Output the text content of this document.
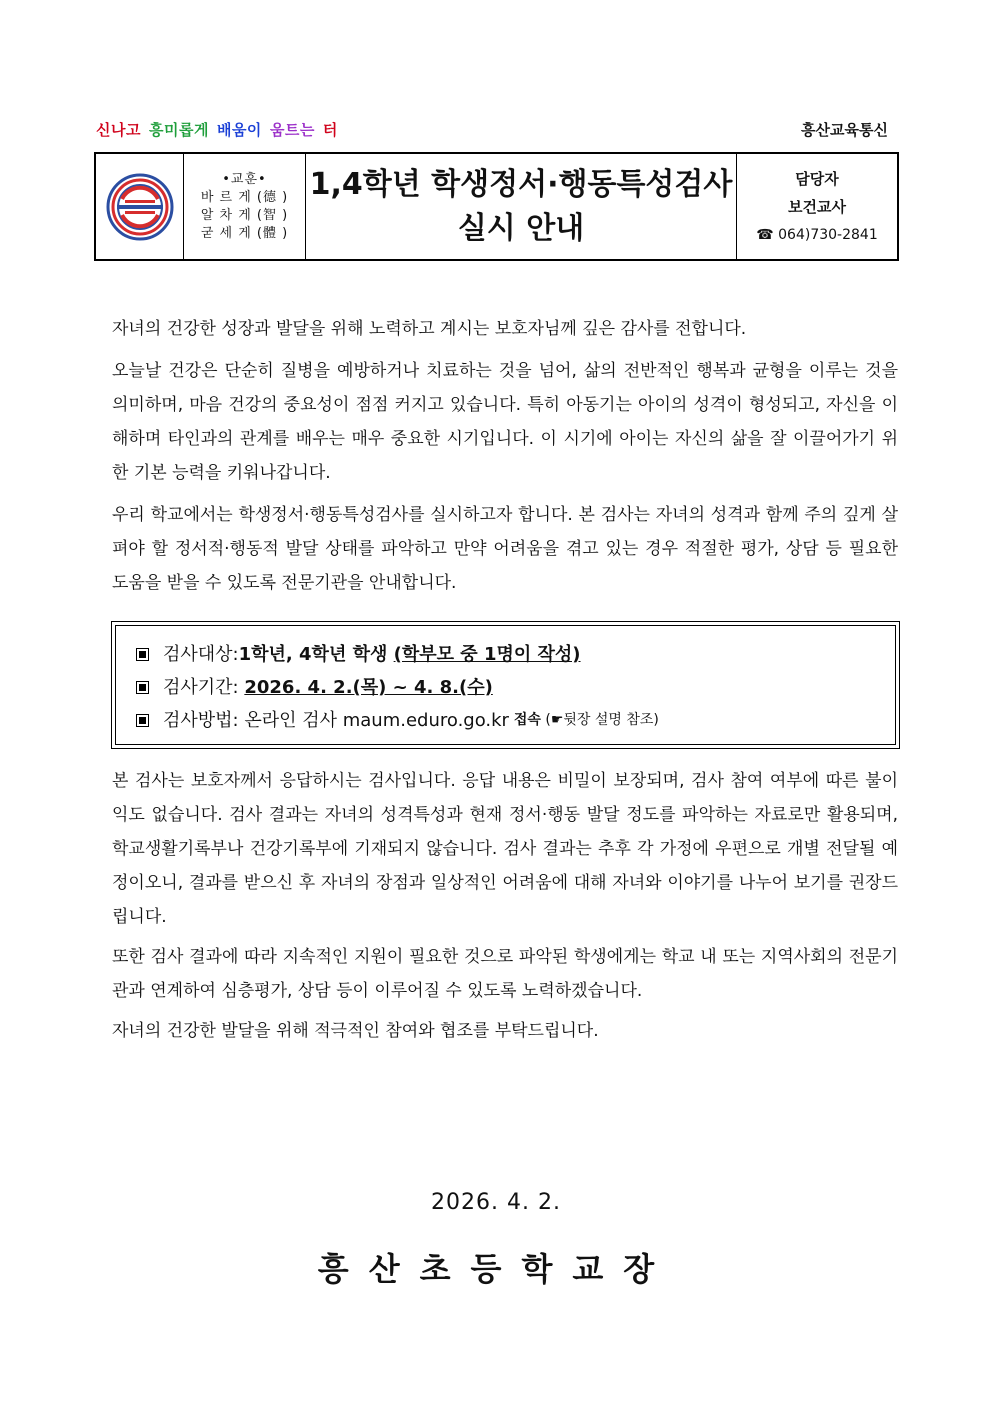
신나고 흥미롭게 배움이 움트는 터	흥산교육통신
•교훈•
바 르 게 (德 )
알 차 게 (智 )
굳 세 게 (體 )
1,4학년 학생정서·행동특성검사
실시 안내
담당자
보건교사
☎ 064)730-2841

자녀의 건강한 성장과 발달을 위해 노력하고 계시는 보호자님께 깊은 감사를 전합니다.

오늘날 건강은 단순히 질병을 예방하거나 치료하는 것을 넘어, 삶의 전반적인 행복과 균형을 이루는 것을 의미하며, 마음 건강의 중요성이 점점 커지고 있습니다. 특히 아동기는 아이의 성격이 형성되고, 자신을 이해하며 타인과의 관계를 배우는 매우 중요한 시기입니다. 이 시기에 아이는 자신의 삶을 잘 이끌어가기 위한 기본 능력을 키워나갑니다.

우리 학교에서는 학생정서·행동특성검사를 실시하고자 합니다. 본 검사는 자녀의 성격과 함께 주의 깊게 살펴야 할 정서적·행동적 발달 상태를 파악하고 만약 어려움을 겪고 있는 경우 적절한 평가, 상담 등 필요한 도움을 받을 수 있도록 전문기관을 안내합니다.

검사대상: 1학년, 4학년 학생 (학부모 중 1명이 작성)
검사기간: 2026. 4. 2.(목) ~ 4. 8.(수)
검사방법: 온라인 검사 maum.eduro.go.kr 접속 (☛뒷장 설명 참조)

본 검사는 보호자께서 응답하시는 검사입니다. 응답 내용은 비밀이 보장되며, 검사 참여 여부에 따른 불이익도 없습니다. 검사 결과는 자녀의 성격특성과 현재 정서·행동 발달 정도를 파악하는 자료로만 활용되며, 학교생활기록부나 건강기록부에 기재되지 않습니다. 검사 결과는 추후 각 가정에 우편으로 개별 전달될 예정이오니, 결과를 받으신 후 자녀의 장점과 일상적인 어려움에 대해 자녀와 이야기를 나누어 보기를 권장드립니다.

또한 검사 결과에 따라 지속적인 지원이 필요한 것으로 파악된 학생에게는 학교 내 또는 지역사회의 전문기관과 연계하여 심층평가, 상담 등이 이루어질 수 있도록 노력하겠습니다.

자녀의 건강한 발달을 위해 적극적인 참여와 협조를 부탁드립니다.

2026. 4. 2.
흥산초등학교장
